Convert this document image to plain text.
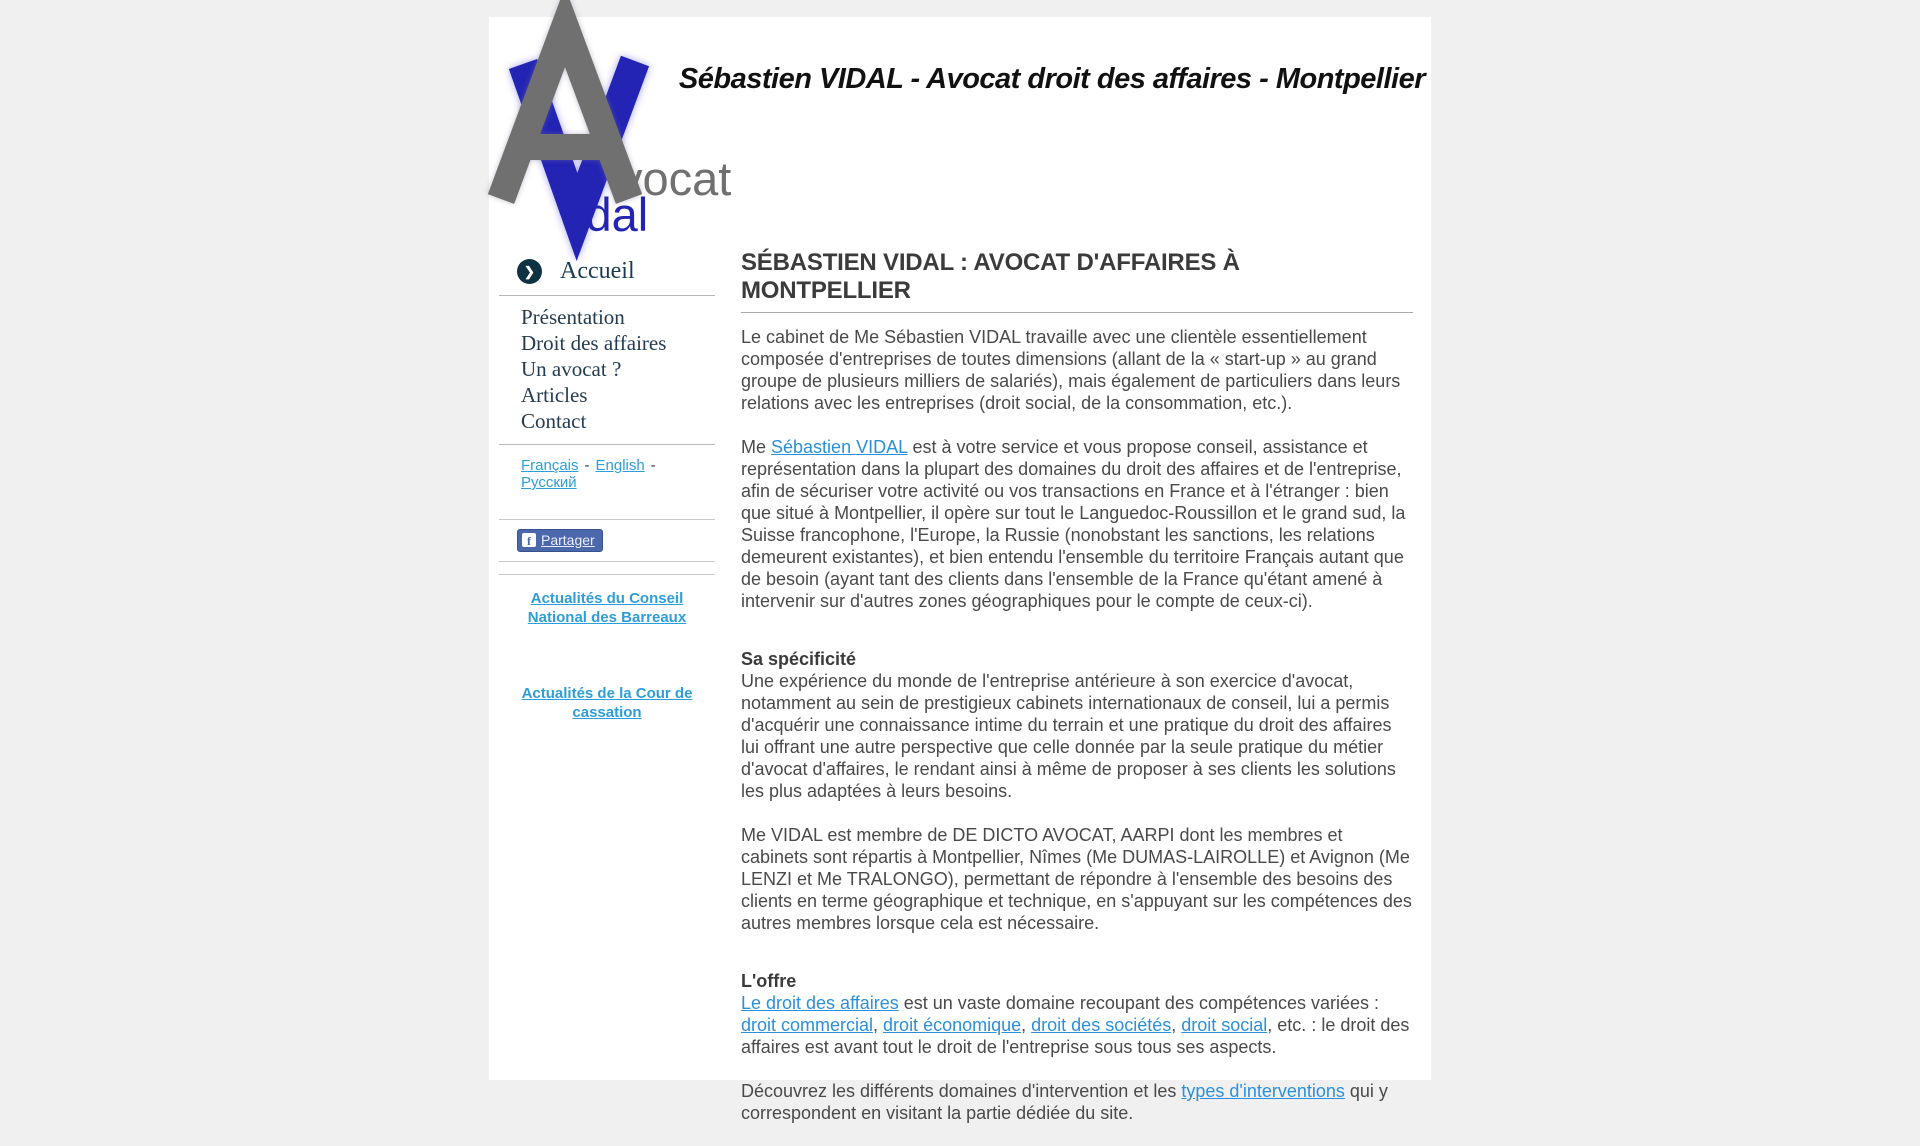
vocat
idal
Sébastien VIDAL - Avocat droit des affaires - Montpellier
❯ Accueil
Présentation
Droit des affaires
Un avocat ?
Articles
Contact
Français - English -Русский
f Partager
Actualités du Conseil National des Barreaux
Actualités de la Cour de cassation
SÉBASTIEN VIDAL : AVOCAT D'AFFAIRES À MONTPELLIER

Le cabinet de Me Sébastien VIDAL travaille avec une clientèle essentiellement composée d'entreprises de toutes dimensions (allant de la « start-up » au grand groupe de plusieurs milliers de salariés), mais également de particuliers dans leurs relations avec les entreprises (droit social, de la consommation, etc.).

Me Sébastien VIDAL est à votre service et vous propose conseil, assistance et représentation dans la plupart des domaines du droit des affaires et de l'entreprise, afin de sécuriser votre activité ou vos transactions en France et à l'étranger : bien que situé à Montpellier, il opère sur tout le Languedoc-Roussillon et le grand sud, la Suisse francophone, l'Europe, la Russie (nonobstant les sanctions, les relations demeurent existantes), et bien entendu l'ensemble du territoire Français autant que de besoin (ayant tant des clients dans l'ensemble de la France qu'étant amené à intervenir sur d'autres zones géographiques pour le compte de ceux-ci).

Sa spécificité

Une expérience du monde de l'entreprise antérieure à son exercice d'avocat, notamment au sein de prestigieux cabinets internationaux de conseil, lui a permis d'acquérir une connaissance intime du terrain et une pratique du droit des affaires lui offrant une autre perspective que celle donnée par la seule pratique du métier d'avocat d'affaires, le rendant ainsi à même de proposer à ses clients les solutions les plus adaptées à leurs besoins.

Me VIDAL est membre de DE DICTO AVOCAT, AARPI dont les membres et cabinets sont répartis à Montpellier, Nîmes (Me DUMAS-LAIROLLE) et Avignon (Me LENZI et Me TRALONGO), permettant de répondre à l'ensemble des besoins des clients en terme géographique et technique, en s'appuyant sur les compétences des autres membres lorsque cela est nécessaire.

L'offre

Le droit des affaires est un vaste domaine recoupant des compétences variées : droit commercial, droit économique, droit des sociétés, droit social, etc. : le droit des affaires est avant tout le droit de l'entreprise sous tous ses aspects.

Découvrez les différents domaines d'intervention et les types d'interventions qui y correspondent en visitant la partie dédiée du site.
